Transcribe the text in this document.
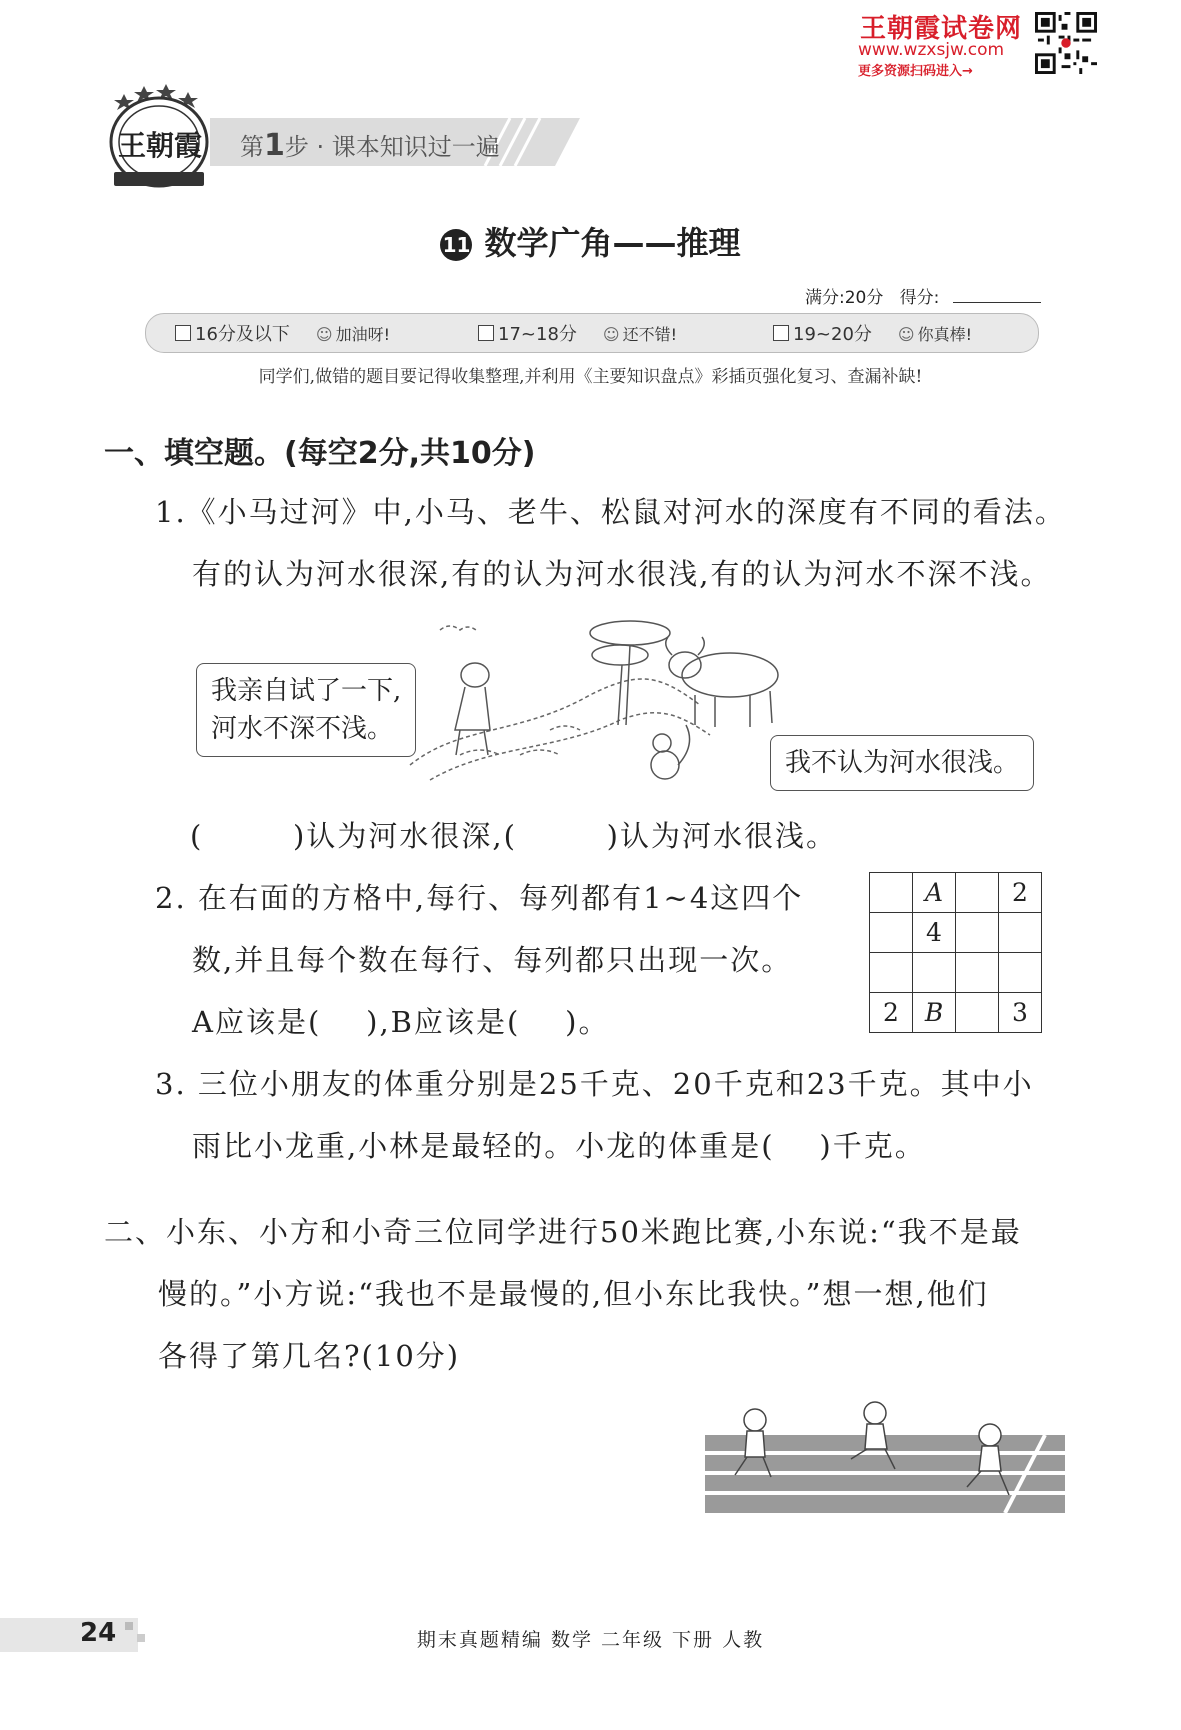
王朝霞试卷网
www.wzxsjw.com
更多资源扫码进入→
王朝霞 第1步 · 课本知识过一遍
11 数学广角——推理
满分:20分 得分:
16分及以下	☺ 加油呀!	17~18分	☺ 还不错!	19~20分	☺ 你真棒!
同学们,做错的题目要记得收集整理,并利用《主要知识盘点》彩插页强化复习、查漏补缺!
一、填空题。(每空2分,共10分)
1.《小马过河》中,小马、老牛、松鼠对河水的深度有不同的看法。
有的认为河水很深,有的认为河水很浅,有的认为河水不深不浅。
我亲自试了一下,
河水不深不浅。
我不认为河水很浅。
(        )认为河水很深,(        )认为河水很浅。
2. 在右面的方格中,每行、每列都有1~4这四个
数,并且每个数在每行、每列都只出现一次。
A应该是(    ),B应该是(    )。
	A		2
	4		

2	B		3
3. 三位小朋友的体重分别是25千克、20千克和23千克。其中小
雨比小龙重,小林是最轻的。小龙的体重是(    )千克。
二、小东、小方和小奇三位同学进行50米跑比赛,小东说:“我不是最
慢的。”小方说:“我也不是最慢的,但小东比我快。”想一想,他们
各得了第几名?(10分)
24	期末真题精编 数学 二年级 下册 人教
